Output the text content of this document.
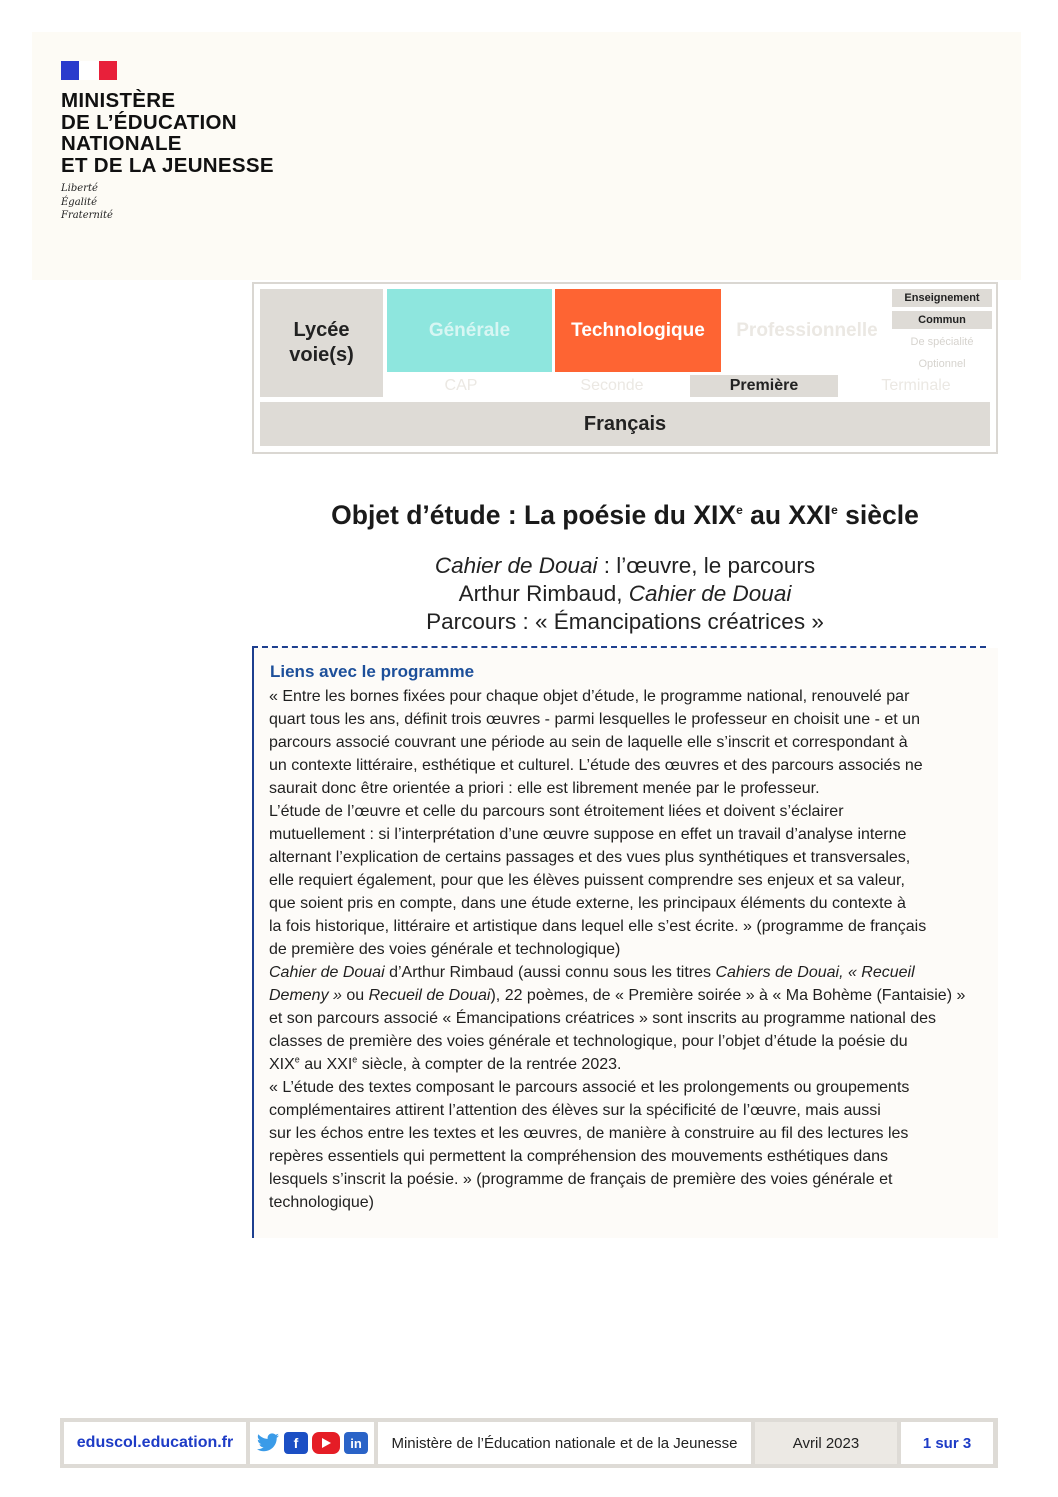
MINISTÈRE
DE L’ÉDUCATION
NATIONALE
ET DE LA JEUNESSE
Liberté
Égalité
Fraternité
Lycée voie(s)
Générale	Technologique	Professionnelle
Enseignement
Commun
De spécialité
Optionnel
CAP	Seconde	Première	Terminale
Français
Objet d’étude : La poésie du XIXe au XXIe siècle
Cahier de Douai : l’œuvre, le parcours
Arthur Rimbaud, Cahier de Douai
Parcours : « Émancipations créatrices »
Liens avec le programme

« Entre les bornes fixées pour chaque objet d’étude, le programme national, renouvelé par

quart tous les ans, définit trois œuvres - parmi lesquelles le professeur en choisit une - et un

parcours associé couvrant une période au sein de laquelle elle s’inscrit et correspondant à

un contexte littéraire, esthétique et culturel. L’étude des œuvres et des parcours associés ne

saurait donc être orientée a priori : elle est librement menée par le professeur.

L’étude de l’œuvre et celle du parcours sont étroitement liées et doivent s’éclairer

mutuellement : si l’interprétation d’une œuvre suppose en effet un travail d’analyse interne

alternant l’explication de certains passages et des vues plus synthétiques et transversales,

elle requiert également, pour que les élèves puissent comprendre ses enjeux et sa valeur,

que soient pris en compte, dans une étude externe, les principaux éléments du contexte à

la fois historique, littéraire et artistique dans lequel elle s’est écrite. » (programme de français

de première des voies générale et technologique)

Cahier de Douai d’Arthur Rimbaud (aussi connu sous les titres Cahiers de Douai, « Recueil

Demeny » ou Recueil de Douai), 22 poèmes, de « Première soirée » à « Ma Bohème (Fantaisie) »

et son parcours associé « Émancipations créatrices » sont inscrits au programme national des

classes de première des voies générale et technologique, pour l’objet d’étude la poésie du

XIXe au XXIe siècle, à compter de la rentrée 2023.

« L’étude des textes composant le parcours associé et les prolongements ou groupements

complémentaires attirent l’attention des élèves sur la spécificité de l’œuvre, mais aussi

sur les échos entre les textes et les œuvres, de manière à construire au fil des lectures les

repères essentiels qui permettent la compréhension des mouvements esthétiques dans

lesquels s’inscrit la poésie. » (programme de français de première des voies générale et

technologique)

eduscol.education.fr	f	in	Ministère de l’Éducation nationale et de la Jeunesse	Avril 2023	1 sur 3
